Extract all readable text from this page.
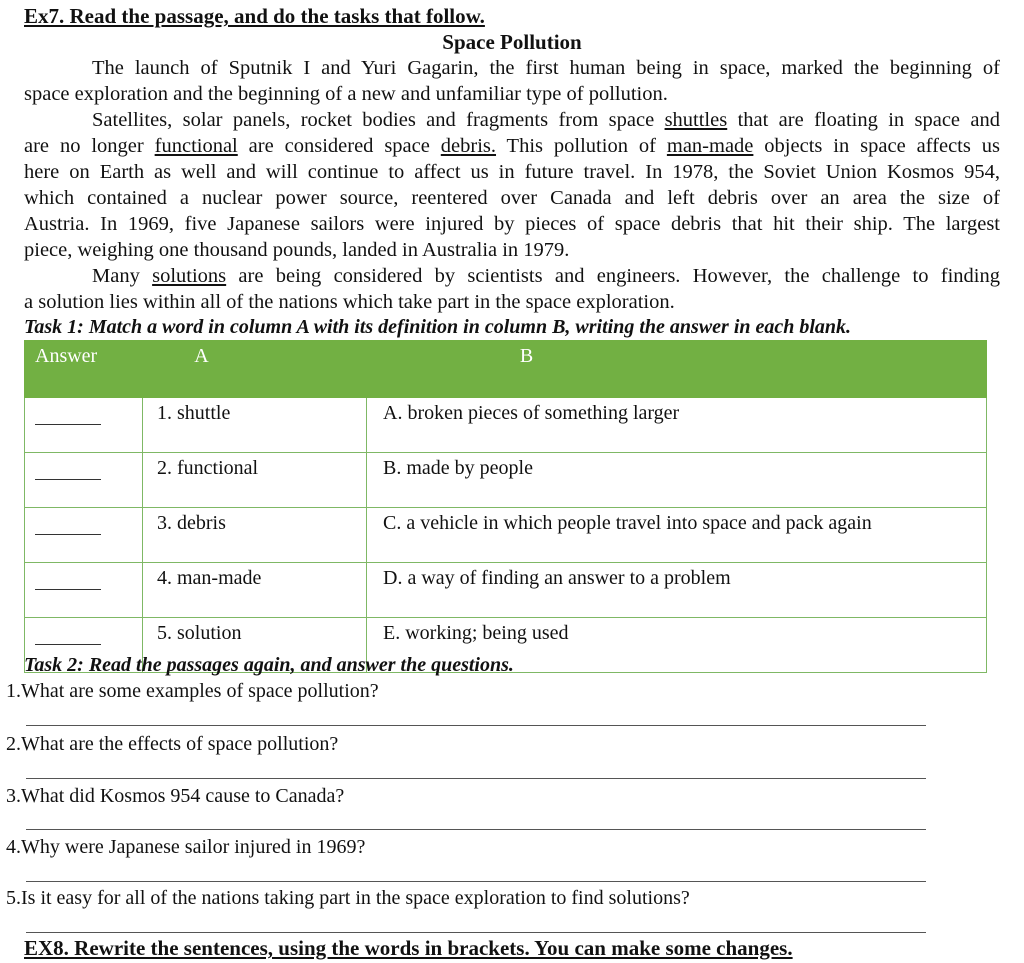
Ex7. Read the passage, and do the tasks that follow.
Space Pollution
The launch of Sputnik I and Yuri Gagarin, the first human being in space, marked the beginning of
space exploration and the beginning of a new and unfamiliar type of pollution.
Satellites, solar panels, rocket bodies and fragments from space shuttles that are floating in space and
are no longer functional are considered space debris. This pollution of man-made objects in space affects us
here on Earth as well and will continue to affect us in future travel. In 1978, the Soviet Union Kosmos 954,
which contained a nuclear power source, reentered over Canada and left debris over an area the size of
Austria. In 1969, five Japanese sailors were injured by pieces of space debris that hit their ship. The largest
piece, weighing one thousand pounds, landed in Australia in 1979.
Many solutions are being considered by scientists and engineers. However, the challenge to finding
a solution lies within all of the nations which take part in the space exploration.
Task 1: Match a word in column A with its definition in column B, writing the answer in each blank.
Answer	A	B
	1. shuttle	A. broken pieces of something larger
	2. functional	B. made by people
	3. debris	C. a vehicle in which people travel into space and pack again
	4. man-made	D. a way of finding an answer to a problem
	5. solution	E. working; being used
Task 2: Read the passages again, and answer the questions.
1.What are some examples of space pollution?
2.What are the effects of space pollution?
3.What did Kosmos 954 cause to Canada?
4.Why were Japanese sailor injured in 1969?
5.Is it easy for all of the nations taking part in the space exploration to find solutions?
EX8. Rewrite the sentences, using the words in brackets. You can make some changes.
